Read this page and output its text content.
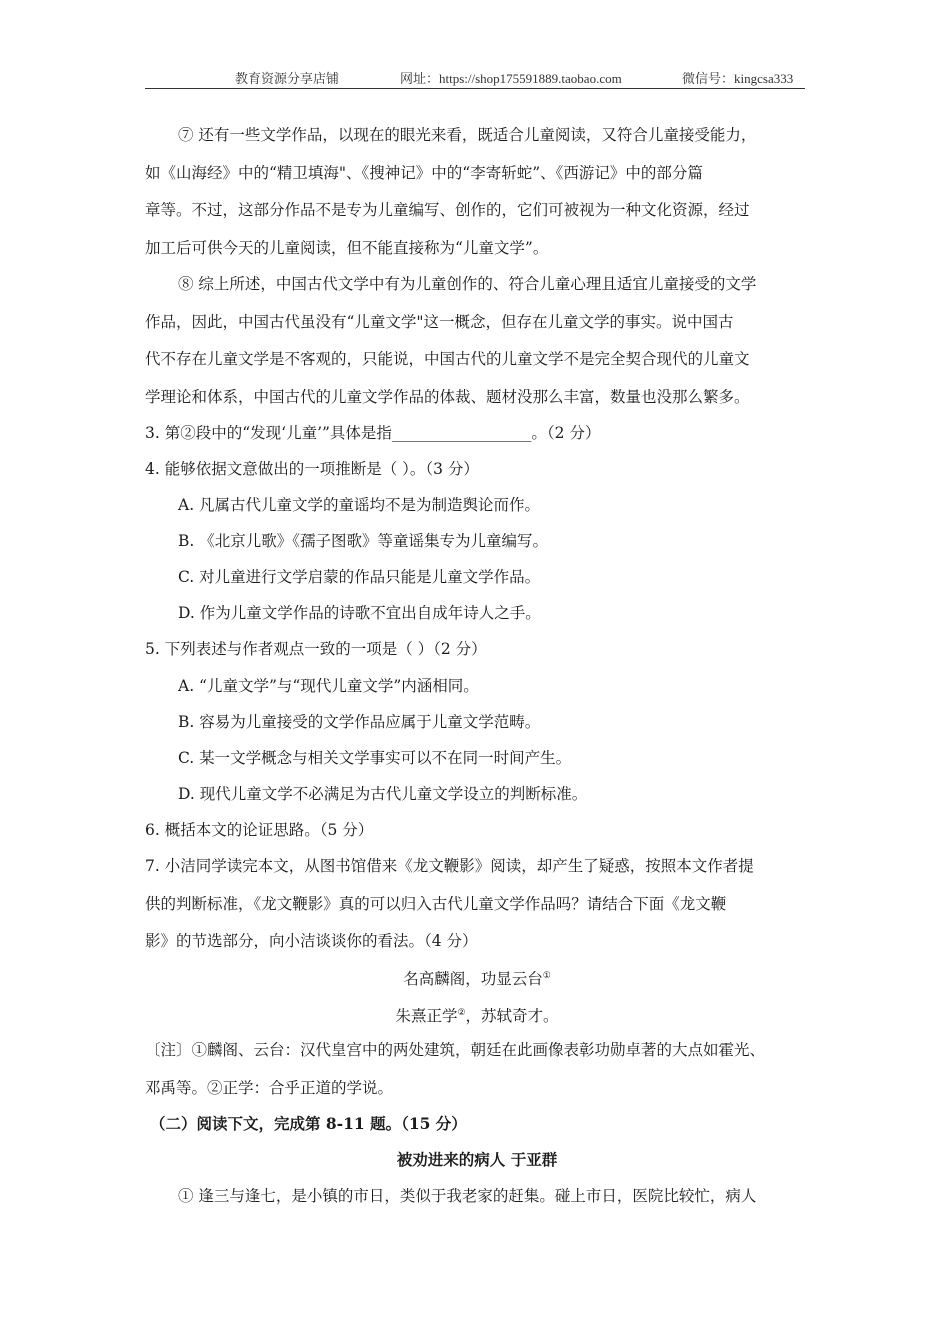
教育资源分享店铺	网址：https://shop175591889.taobao.com	微信号：kingcsa333
⑦ 还有一些文学作品，以现在的眼光来看，既适合儿童阅读，又符合儿童接受能力，
如《山海经》中的“精卫填海"、《搜神记》中的“李寄斩蛇”、《西游记》中的部分篇
章等。不过，这部分作品不是专为儿童编写、创作的，它们可被视为一种文化资源，经过
加工后可供今天的儿童阅读，但不能直接称为“儿童文学”。
⑧ 综上所述，中国古代文学中有为儿童创作的、符合儿童心理且适宜儿童接受的文学
作品，因此，中国古代虽没有“儿童文学"这一概念，但存在儿童文学的事实。说中国古
代不存在儿童文学是不客观的，只能说，中国古代的儿童文学不是完全契合现代的儿童文
学理论和体系，中国古代的儿童文学作品的体裁、题材没那么丰富，数量也没那么繁多。
3. 第②段中的“发现‘儿童’”具体是指__________________。（2 分）
4. 能够依据文意做出的一项推断是（ ）。（3 分）
A. 凡属古代儿童文学的童谣均不是为制造舆论而作。
B. 《北京儿歌》《孺子图歌》等童谣集专为儿童编写。
C. 对儿童进行文学启蒙的作品只能是儿童文学作品。
D. 作为儿童文学作品的诗歌不宜出自成年诗人之手。
5. 下列表述与作者观点一致的一项是（ ）（2 分）
A. “儿童文学”与“现代儿童文学”内涵相同。
B. 容易为儿童接受的文学作品应属于儿童文学范畴。
C. 某一文学概念与相关文学事实可以不在同一时间产生。
D. 现代儿童文学不必满足为古代儿童文学设立的判断标准。
6. 概括本文的论证思路。（5 分）
7. 小洁同学读完本文，从图书馆借来《龙文鞭影》阅读，却产生了疑惑，按照本文作者提
供的判断标准，《龙文鞭影》真的可以归入古代儿童文学作品吗？请结合下面《龙文鞭
影》的节选部分，向小洁谈谈你的看法。（4 分）
名高麟阁，功显云台①
朱熹正学②，苏轼奇才。
〔注〕①麟阁、云台：汉代皇宫中的两处建筑，朝廷在此画像表彰功勋卓著的大点如霍光、
邓禹等。②正学：合乎正道的学说。
（二）阅读下文，完成第 8-11 题。（15 分）
被劝进来的病人 于亚群
① 逢三与逢七，是小镇的市日，类似于我老家的赶集。碰上市日，医院比较忙，病人
